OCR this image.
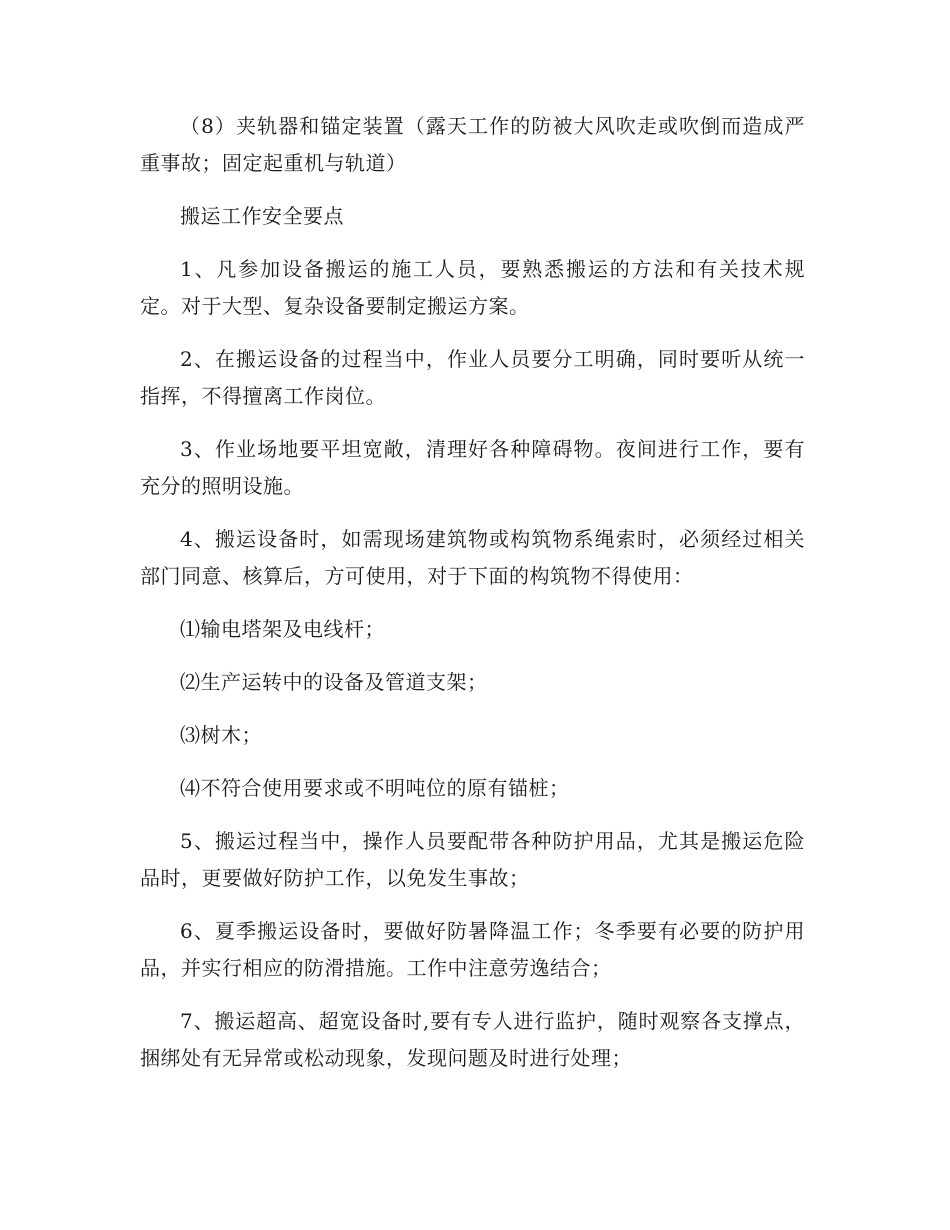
（8）夹轨器和锚定装置（露天工作的防被大风吹走或吹倒而造成严重事故；固定起重机与轨道）

搬运工作安全要点

1、凡参加设备搬运的施工人员，要熟悉搬运的方法和有关技术规定。对于大型、复杂设备要制定搬运方案。

2、在搬运设备的过程当中，作业人员要分工明确，同时要听从统一指挥，不得擅离工作岗位。

3、作业场地要平坦宽敞，清理好各种障碍物。夜间进行工作，要有充分的照明设施。

4、搬运设备时，如需现场建筑物或构筑物系绳索时，必须经过相关部门同意、核算后，方可使用，对于下面的构筑物不得使用：

⑴输电塔架及电线杆；

⑵生产运转中的设备及管道支架；

⑶树木；

⑷不符合使用要求或不明吨位的原有锚桩；

5、搬运过程当中，操作人员要配带各种防护用品，尤其是搬运危险品时，更要做好防护工作，以免发生事故；

6、夏季搬运设备时，要做好防暑降温工作；冬季要有必要的防护用品，并实行相应的防滑措施。工作中注意劳逸结合；

7、搬运超高、超宽设备时,要有专人进行监护，随时观察各支撑点，捆绑处有无异常或松动现象，发现问题及时进行处理；
